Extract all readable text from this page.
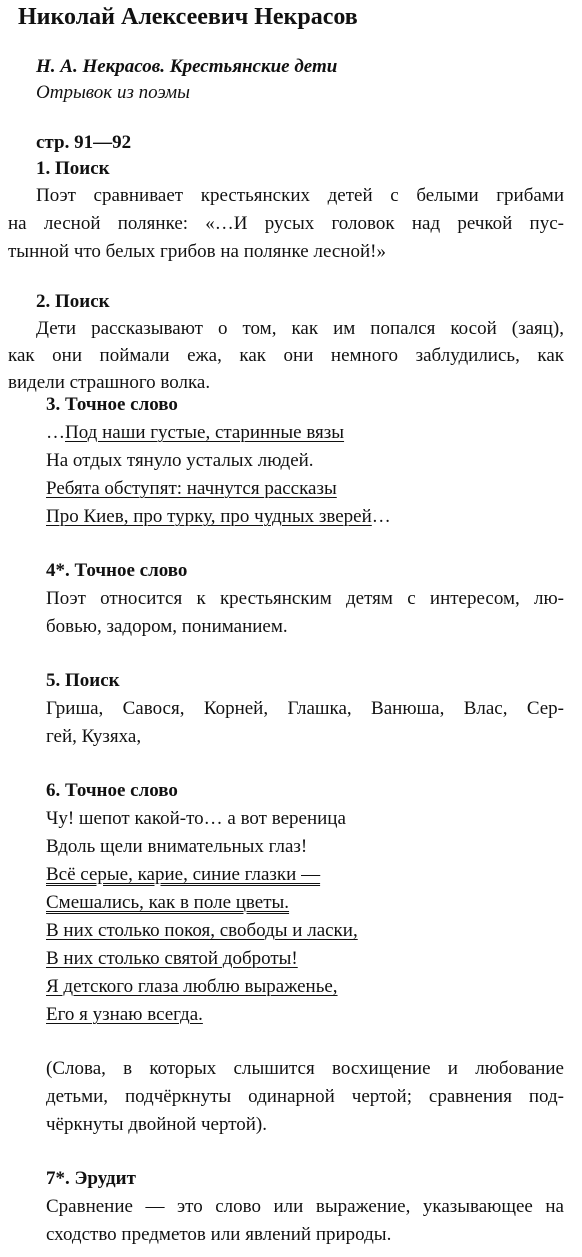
Николай Алексеевич Некрасов
Н. А. Некрасов. Крестьянские дети
Отрывок из поэмы
стр. 91—92
1. Поиск
Поэт сравнивает крестьянских детей с белыми грибами
на лесной полянке: «…И русых головок над речкой пус-
тынной что белых грибов на полянке лесной!»
2. Поиск
Дети рассказывают о том, как им попался косой (заяц),
как они поймали ежа, как они немного заблудились, как
видели страшного волка.
3. Точное слово
…Под наши густые, старинные вязы
На отдых тянуло усталых людей.
Ребята обступят: начнутся рассказы
Про Киев, про турку, про чудных зверей…
4*. Точное слово
Поэт относится к крестьянским детям с интересом, лю-
бовью, задором, пониманием.
5. Поиск
Гриша, Савося, Корней, Глашка, Ванюша, Влас, Сер-
гей, Кузяха,
6. Точное слово
Чу! шепот какой-то… а вот вереница
Вдоль щели внимательных глаз!
Всё серые, карие, синие глазки —
Смешались, как в поле цветы.
В них столько покоя, свободы и ласки,
В них столько святой доброты!
Я детского глаза люблю выраженье,
Его я узнаю всегда.
(Слова, в которых слышится восхищение и любование
детьми, подчёркнуты одинарной чертой; сравнения под-
чёркнуты двойной чертой).
7*. Эрудит
Сравнение — это слово или выражение, указывающее на
сходство предметов или явлений природы.
